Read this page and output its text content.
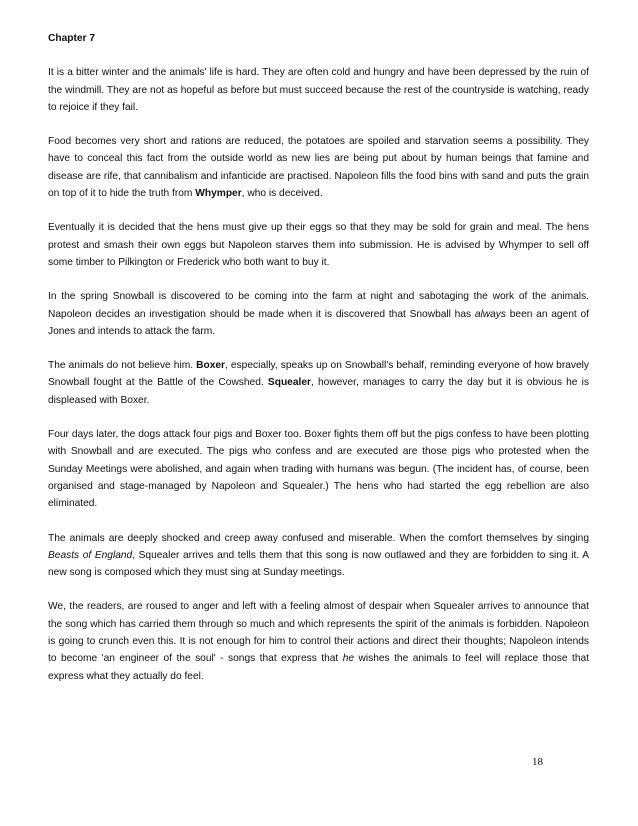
Chapter 7

It is a bitter winter and the animals' life is hard. They are often cold and hungry and have been depressed by the ruin of the windmill. They are not as hopeful as before but must succeed because the rest of the countryside is watching, ready to rejoice if they fail.

Food becomes very short and rations are reduced, the potatoes are spoiled and starvation seems a possibility. They have to conceal this fact from the outside world as new lies are being put about by human beings that famine and disease are rife, that cannibalism and infanticide are practised. Napoleon fills the food bins with sand and puts the grain on top of it to hide the truth from Whymper, who is deceived.

Eventually it is decided that the hens must give up their eggs so that they may be sold for grain and meal. The hens protest and smash their own eggs but Napoleon starves them into submission. He is advised by Whymper to sell off some timber to Pilkington or Frederick who both want to buy it.

In the spring Snowball is discovered to be coming into the farm at night and sabotaging the work of the animals. Napoleon decides an investigation should be made when it is discovered that Snowball has always been an agent of Jones and intends to attack the farm.

The animals do not believe him. Boxer, especially, speaks up on Snowball's behalf, reminding everyone of how bravely Snowball fought at the Battle of the Cowshed. Squealer, however, manages to carry the day but it is obvious he is displeased with Boxer.

Four days later, the dogs attack four pigs and Boxer too. Boxer fights them off but the pigs confess to have been plotting with Snowball and are executed. The pigs who confess and are executed are those pigs who protested when the Sunday Meetings were abolished, and again when trading with humans was begun. (The incident has, of course, been organised and stage-managed by Napoleon and Squealer.) The hens who had started the egg rebellion are also eliminated.

The animals are deeply shocked and creep away confused and miserable. When the comfort themselves by singing Beasts of England, Squealer arrives and tells them that this song is now outlawed and they are forbidden to sing it. A new song is composed which they must sing at Sunday meetings.

We, the readers, are roused to anger and left with a feeling almost of despair when Squealer arrives to announce that the song which has carried them through so much and which represents the spirit of the animals is forbidden. Napoleon is going to crunch even this. It is not enough for him to control their actions and direct their thoughts; Napoleon intends to become 'an engineer of the soul' - songs that express that he wishes the animals to feel will replace those that express what they actually do feel.

18
